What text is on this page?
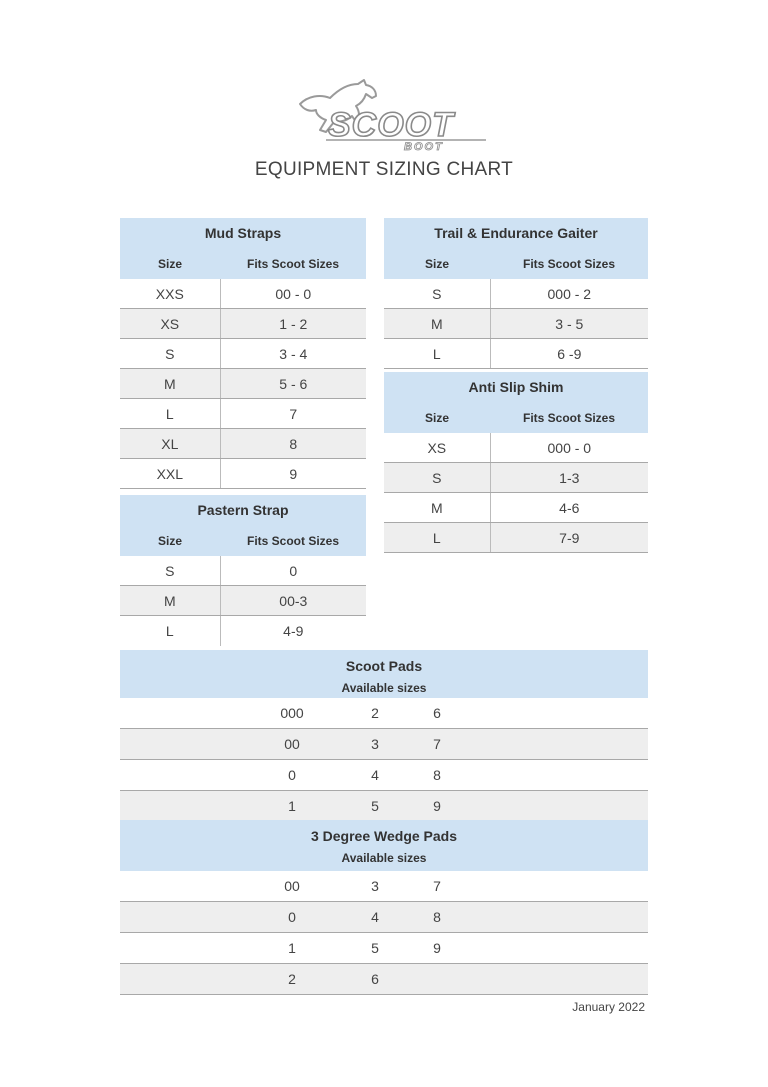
SCOOT
BOOT
EQUIPMENT SIZING CHART
Mud Straps
Size	Fits Scoot Sizes
XXS	00 - 0
XS	1 - 2
S	3 - 4
M	5 - 6
L	7
XL	8
XXL	9
Pastern Strap
Size	Fits Scoot Sizes
S	0
M	00-3
L	4-9
Trail & Endurance Gaiter
Size	Fits Scoot Sizes
S	000 - 2
M	3 - 5
L	6 -9
Anti Slip Shim
Size	Fits Scoot Sizes
XS	000 - 0
S	1-3
M	4-6
L	7-9
Scoot Pads
Available sizes
000	2	6
00	3	7
0	4	8
1	5	9
3 Degree Wedge Pads
Available sizes
00	3	7
0	4	8
1	5	9
2	6
January 2022
